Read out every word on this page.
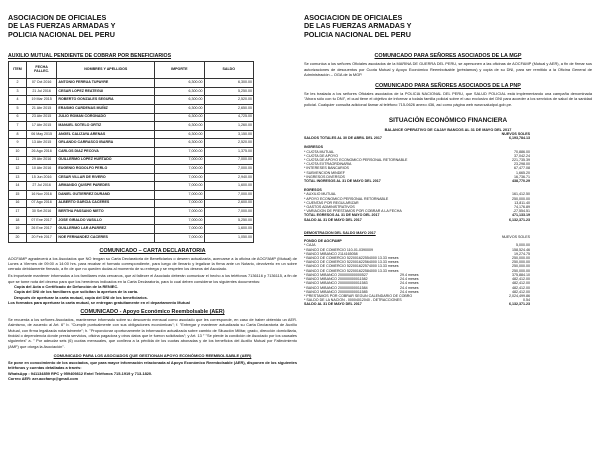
ASOCIACION DE OFICIALES
DE LAS FUERZAS ARMADAS Y
POLICIA NACIONAL DEL PERU
AUXILIO MUTUAL PENDIENTE DE COBRAR POR BENEFICIARIOS
ITEM	FECHA FALLEC.	NOMBRES Y APELLIDOS	IMPORTE	SALDO
2	07 Oct 2016	ANTONIO FERRUA TUPAYRE	6,300.00	6,300.00
3	21 Jul 2016	CESAR LOPEZ REATEGUI	6,300.00	5,250.00
4	19 Mar 2015	ROBERTO GONZALES SEGURA	6,300.00	2,520.00
5	21 Abr 2015	ERASMO CARDENAS MUÑIZ	6,300.00	2,650.00
6	23 Abr 2015	JULIO ROMAN CORONADO	6,300.00	4,725.00
7	17 Abr 2015	MANUEL SOTELO ORTIZ	6,300.00	1,260.00
8	06 May 2015	ANGEL CALIZAYA ARENAS	6,300.00	3,150.00
9	13 Abr 2015	ORLANDO CARRASCO IBARRA	6,300.00	2,520.00
10	26 Ago 2016	CARLOS DIAZ PECOVA	7,000.00	1,375.00
11	29 Abr 2016	GUILLERMO LOPEZ HURTADO	7,000.00	7,000.00
12	10 Abr 2016	EUGENIO RODOLFO PERLO	7,000.00	7,000.00
13	15 Jun 2016	CESAR VILLAR DE RIVERO	7,000.00	2,940.00
14	27 Jul 2016	ARMANDO QUISPE PAREDES	7,000.00	1,600.00
15	16 Nov 2016	DANIEL GUTIERREZ DURAND	7,000.00	7,000.00
16	07 Ago 2016	ALBERTO GARCIA CACERES	7,000.00	2,600.00
17	30 Set 2016	BERTHA PASSANO NIETO	7,000.00	7,000.00
18	07 Ene 2017	JOSE GIRALDO VASILLO	7,000.00	5,250.00
19	26 Ene 2017	GUILLERMO LAR APARREZ	7,000.00	1,600.00
20	20 Feb 2017	NOE FERNANDEZ CACERES	7,000.00	1,050.00
COMUNICADO – CARTA DECLARATORIA
AOCFAMP agradecerá a los Asociados que NO tengan su Carta Declaratoria de Beneficiarios o deseen actualizarla, acercarse a la oficina de AOCFAMP (Mutual) de Lunes a Viernes de 09:00 a 14:00 hrs. para recabar el formato correspondiente, para luego de llenarlo y legalizar la firma ante un Notario, devolverlo en un sobre cerrado debidamente firmado, a fin de que no queden dudas al momento de su entrega y se respeten los deseos del Asociado.
Es importante mantener informados a los familiares más cercanos, que al fallecer el Asociado deberán comunicar el hecho a los teléfonos 7136116 y 7136115, a fin de que se tome nota del deceso para que los herederos indicados en la Carta Declaratoria, para lo cual deben considerar los siguientes documentos:
Copia del Acta o Certificado de Defunción de la RENIEC.
Copia del DNI de los familiares que solicitan la apertura de la carta.
Después de aperturar la carta mutual, copia del DNI de los beneficiarios.
Los formatos para aperturar la carta mutual, se entregan gratuitamente en el departamento Mutual
COMUNICADO - Apoyo Económico Reembolsable (AER)
Se recuerda a los señores Asociados, mantenerse informado sobre su descuento mensual como asociado que les corresponde, en caso de haber obtenido un AER. Asimismo, de acuerdo al Art. 6° b. "Cumplir puntualmente con sus obligaciones económicas"; f. "Entregar y mantener actualizada su Carta Declaratoria de Auxilio Mutual, con firma legalizada notarialmente"; h. "Proporcionar oportunamente la información actualizada sobre cambio de Situación Militar, grado, dirección domiciliaria, tiroidal o dependencia donde presta servicios, oficina pagadora y otros datos que le fueron solicitados"; y Art. 13 ° "Se pierde la condición de Asociado por los causales siguientes" a. " Por adeudar seis (6) cuotas mensuales, que conlleva a la pérdida de los cuotas abonadas y de los beneficios del Auxilio Mutual por Fallecimiento (AMF) que otorga la Asociación".
COMUNICADO PARA LOS ASOCIADOS QUE GESTIONAN APOYO ECONÓMICO REEMBOLSABLE (AER)
Se pone en conocimiento de los asociados, que para mayor información relacionada al Apoyo Económico Reembolsable (AER), disponen de los siguientes teléfonos y cuentas detalladas a través:
WhatsApp : 941134859 RPC y 959409812 Entel Teléfonos 715-1919 y 713-1820.
Correo AER: aer.aocfamp@gmail.com
ASOCIACION DE OFICIALES
DE LAS FUERZAS ARMADAS Y
POLICIA NACIONAL DEL PERU
COMUNICADO PARA SEÑORES ASOCIADOS DE LA MGP
Se comunica a los señores Oficiales asociados de la MARINA DE GUERRA DEL PERU, se apersonen a las oficinas de AOCFAMP (Mutual y AER), a fin de firmar sus autorizaciones de descuentos por Cuota Mutual y Apoyo Económico Reembolsable (préstamos) y copia de su DNI, para ser remitido a la Oficina General de Administración – OGA de la MGP.
COMUNICADO PARA SEÑORES ASOCIADOS DE LA PNP
Se les traslada a los señores Oficiales asociados de la POLICIA NACIONAL DEL PERU, que SALUD POLICIAL está implementando una campaña denominada "Ahora sólo con tu DNI", el cual tiene el objetivo de informar a todala familia policial sobre el uso exclusivo del DNI para acceder a los servicios de salud de la sanidad policial. Cualquier consulta adicional llamar al teléfono 715-0626 anexo 436, así como página web www.saludpol.gob.pe.
SITUACIÓN ECONÓMICO FINANCIERA
BALANCE OPERATIVO DE CAJAY BANCOS AL 31 DE MAYO DEL 2017
NUEVOS SOLES
SALDOS TOTALES AL 30 DE ABRIL DEL 2017	6,193,784.13
INGRESOS
* CUOTA MUTUAL	70,886.00
* CUOTA DE APOYO	37,042.24
* CUOTA DE APOYO ECONOMICO PERSONAL RETORNABLE	221,735.39
* CUOTA EXTRAORDINARIA	23,298.00
* INTERESES BANCARIOS	67,477.08
* SUBVENCION MINDEF	1,665.20
* INGRESOS DIVERSOS	16,736.71
TOTAL INGRESOS AL 31 DE MAYO DEL 2017	438,770.29
EGRESOS
* AUXILIO MUTUAL	161,412.50
* APOYO ECONOMICO PERSONAL RETORNABLE	250,000.00
* CUENTAS POR REGULARIZAR	13,811.40
* GASTOS ADMINISTRATIVOS	74,176.89
* VARIACION DE PRESTAMOS POR COBRAR A LA FECHA	-27,554.51
TOTAL EGRESOS AL 31 DE MAYO DEL 2017	471,133.19
SALDO AL 31 DE MAYO DEL 2017	6,132,371.23
DEMOSTRACION DEL SALDO MAYO 2017
NUEVOS SOLES
FONDO DE AOCFAMP
* CAJA	5,000.00
* BANCO DE COMERCIO 110-01-0390009	158,524.46
* BANCO MIBANCO 2114165058	19,274.75
* BANCO DE COMERCIO 522001622554000 13.33 meses	250,000.00
* BANCO DE COMERCIO 522001622564000 13.33 meses	250,000.00
* BANCO DE COMERCIO 522001622574000 13.33 meses	250,000.00
* BANCO DE COMERCIO 522001622584000 13.33 meses	250,000.00
* BANCO MIBANCO 200000000000527	29.4 meses	375,884.10
* BANCO MIBANCO 200000000011582	24.4 meses	482,412.00
* BANCO MIBANCO 200000000011583	24.4 meses	482,412.00
* BANCO MIBANCO 200000000011584	24.4 meses	482,412.00
* BANCO MIBANCO 200000000011585	24.4 meses	482,412.00
* PRESTAMOS POR COBRAR SEGUN CALENDARIO DE COBRO	2,024,499.86
* SALDO DE LA NACION - 00004012040 - DETRACCIONES	0.54
SALDO AL 31 DE MAYO DEL 2017	6,132,371.23
